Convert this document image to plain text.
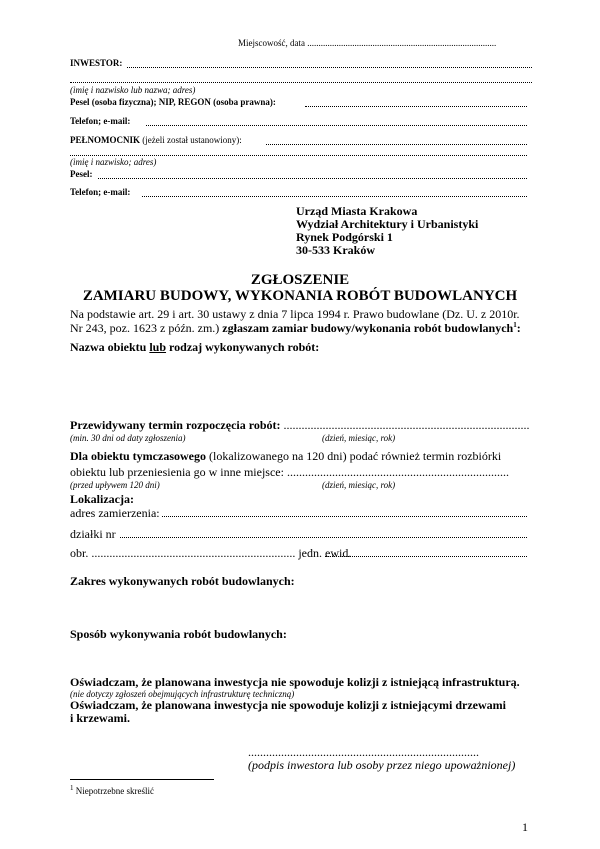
Miejscowość, data ....................................................................................
INWESTOR:
(imię i nazwisko lub nazwa; adres)
Pesel (osoba fizyczna); NIP, REGON (osoba prawna):
Telefon; e-mail:
PEŁNOMOCNIK (jeżeli został ustanowiony):
(imię i nazwisko; adres)
Pesel:
Telefon; e-mail:
Urząd Miasta Krakowa
Wydział Architektury i Urbanistyki
Rynek Podgórski 1
30-533 Kraków
ZGŁOSZENIE
ZAMIARU BUDOWY, WYKONANIA ROBÓT BUDOWLANYCH
Na podstawie art. 29 i art. 30 ustawy z dnia 7 lipca 1994 r. Prawo budowlane (Dz. U. z 2010r.
Nr 243, poz. 1623 z późn. zm.) zgłaszam zamiar budowy/wykonania robót budowlanych$^1$:
Nazwa obiektu lub rodzaj wykonywanych robót:
Przewidywany termin rozpoczęcia robót: ..................................................................................
(min. 30 dni od daty zgłoszenia)	(dzień, miesiąc, rok)
Dla obiektu tymczasowego (lokalizowanego na 120 dni) podać również termin rozbiórki
obiektu lub przeniesienia go w inne miejsce: ..........................................................................
(przed upływem 120 dni)	(dzień, miesiąc, rok)
Lokalizacja:
adres zamierzenia:
działki nr
obr. .................................................................... jedn. ewid.
Zakres wykonywanych robót budowlanych:
Sposób wykonywania robót budowlanych:
Oświadczam, że planowana inwestycja nie spowoduje kolizji z istniejącą infrastrukturą.
(nie dotyczy zgłoszeń obejmujących infrastrukturę techniczną)
Oświadczam, że planowana inwestycja nie spowoduje kolizji z istniejącymi drzewami
i krzewami.
.............................................................................
(podpis inwestora lub osoby przez niego upoważnionej)
$^1$ Niepotrzebne skreślić
1
